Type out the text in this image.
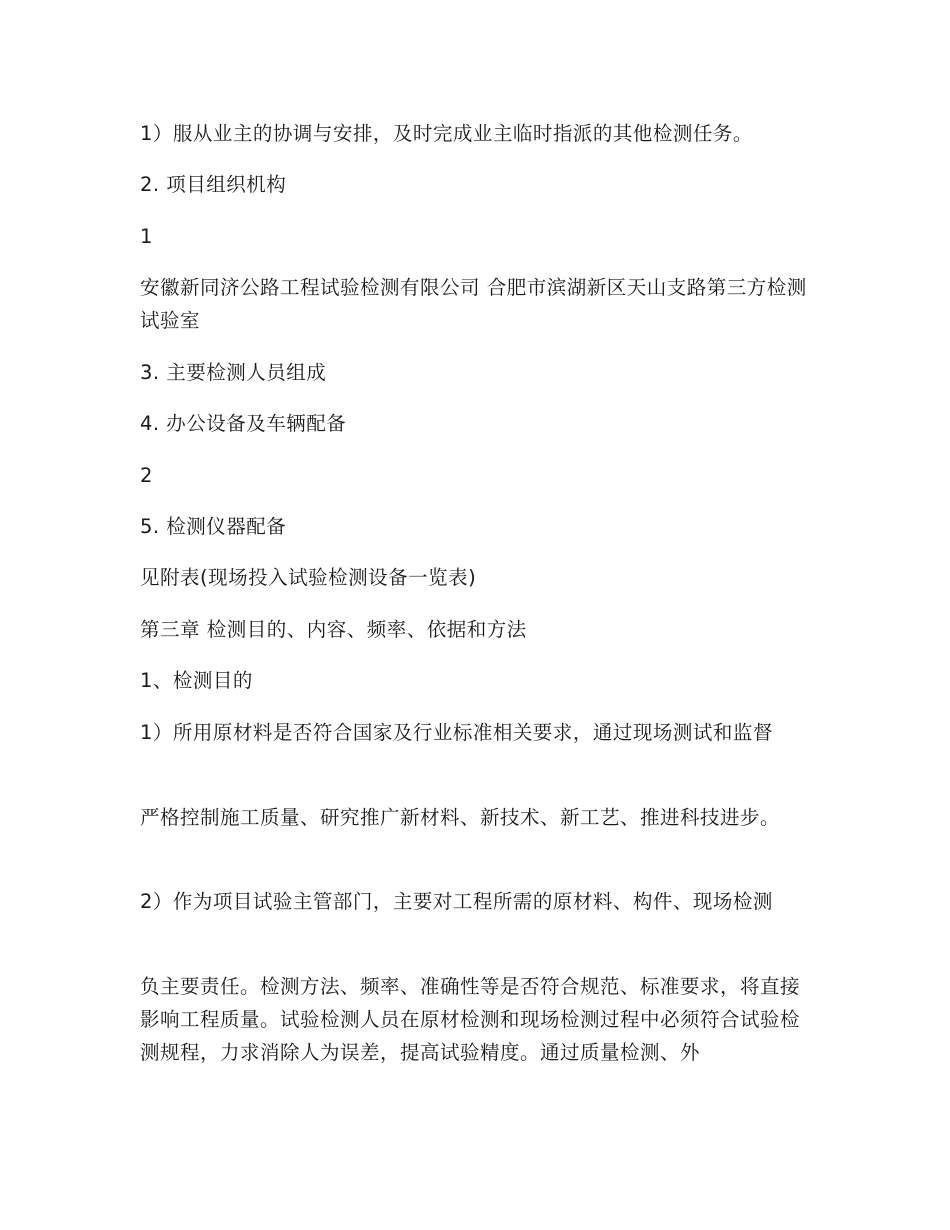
1）服从业主的协调与安排，及时完成业主临时指派的其他检测任务。

2. 项目组织机构

1

安徽新同济公路工程试验检测有限公司 合肥市滨湖新区天山支路第三方检测试验室

3. 主要检测人员组成

4. 办公设备及车辆配备

2

5. 检测仪器配备

见附表(现场投入试验检测设备一览表)

第三章 检测目的、内容、频率、依据和方法

1、检测目的

1）所用原材料是否符合国家及行业标准相关要求，通过现场测试和监督

严格控制施工质量、研究推广新材料、新技术、新工艺、推进科技进步。

2）作为项目试验主管部门，主要对工程所需的原材料、构件、现场检测

负主要责任。检测方法、频率、准确性等是否符合规范、标准要求，将直接影响工程质量。试验检测人员在原材检测和现场检测过程中必须符合试验检测规程，力求消除人为误差，提高试验精度。通过质量检测、外
